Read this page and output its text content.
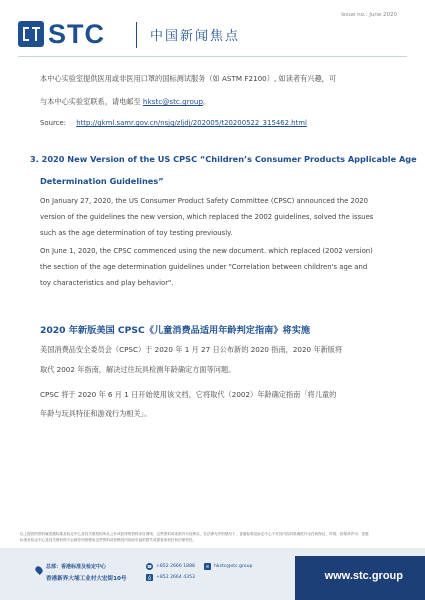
Issue no.: June 2020
STC	中国新闻焦点
本中心实验室提供医用或非医用口罩的国标测试服务（如 ASTM F2100）, 如读者有兴趣，可
与本中心实验室联系，请电邮至 hkstc@stc.group。
Source: http://gkml.samr.gov.cn/nsjg/zljdj/202005/t20200522_315462.html
3. 2020 New Version of the US CPSC “Children’s Consumer Products Applicable Age
Determination Guidelines”
On January 27, 2020, the US Consumer Product Safety Committee (CPSC) announced the 2020
version of the guidelines the new version, which replaced the 2002 guidelines, solved the issues
such as the age determination of toy testing previously.
On June 1, 2020, the CPSC commenced using the new document. which replaced (2002 version)
the section of the age determination guidelines under "Correlation between children's age and
toy characteristics and play behavior".
2020 年新版美国 CPSC《儿童消费品适用年龄判定指南》将实施
美国消费品安全委员会（CPSC）于 2020 年 1 月 27 日公布新的 2020 指南，2020 年新版将
取代 2002 年指南，解决过往玩具检测年龄确定方面等问题。
CPSC 将于 2020 年 6 月 1 日开始使用该文档，它将取代（2002）年龄确定指南「将儿童的
年龄与玩具特征和游戏行为相关」。
以上提供的资料属香港标准及检定中心及其关联机构所从公开或获得的资料来自网络，这些资料或来源并未经核实，在法律允许的情况下，香港标准及检定中心不对其内容的准确性作出任何保证，声明，担保或许可；香港
标准及检定中心及其关联机构不会就任何因使用这些资料或依赖其内容而引起的损失或损害承担任何法律责任。
总部：香港标准及检定中心
香港新界大埔工业村大宏街10号
☎ +852 2666 1888
⎙	+852 2664 4353
✉	hkstc@stc.group
www.stc.group
